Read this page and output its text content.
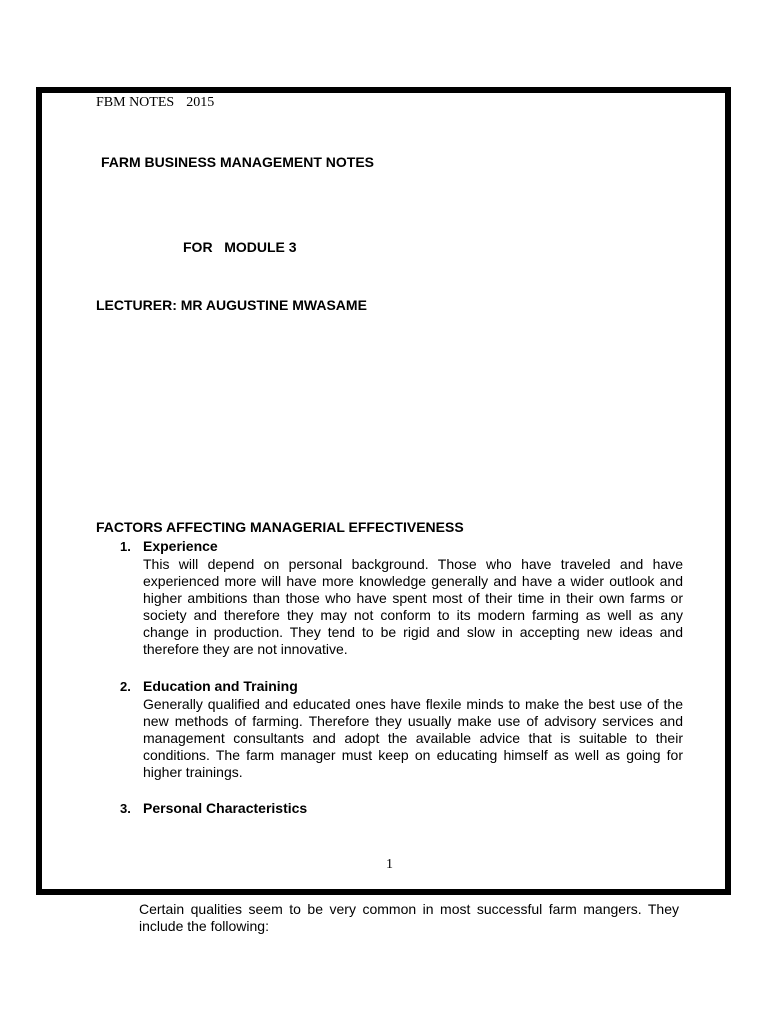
FBM NOTES 2015

FARM BUSINESS MANAGEMENT NOTES

FOR   MODULE 3

LECTURER: MR AUGUSTINE MWASAME

FACTORS AFFECTING MANAGERIAL EFFECTIVENESS

1. Experience

This will depend on personal background. Those who have traveled and have experienced more will have more knowledge generally and have a wider outlook and higher ambitions than those who have spent most of their time in their own farms or society and therefore they may not conform to its modern farming as well as any change in production. They tend to be rigid and slow in accepting new ideas and therefore they are not innovative.

2. Education and Training

Generally qualified and educated ones have flexile minds to make the best use of the new methods of farming. Therefore they usually make use of advisory services and management consultants and adopt the available advice that is suitable to their conditions. The farm manager must keep on educating himself as well as going for higher trainings.

3. Personal Characteristics

1

Certain qualities seem to be very common in most successful farm mangers. They include the following:
